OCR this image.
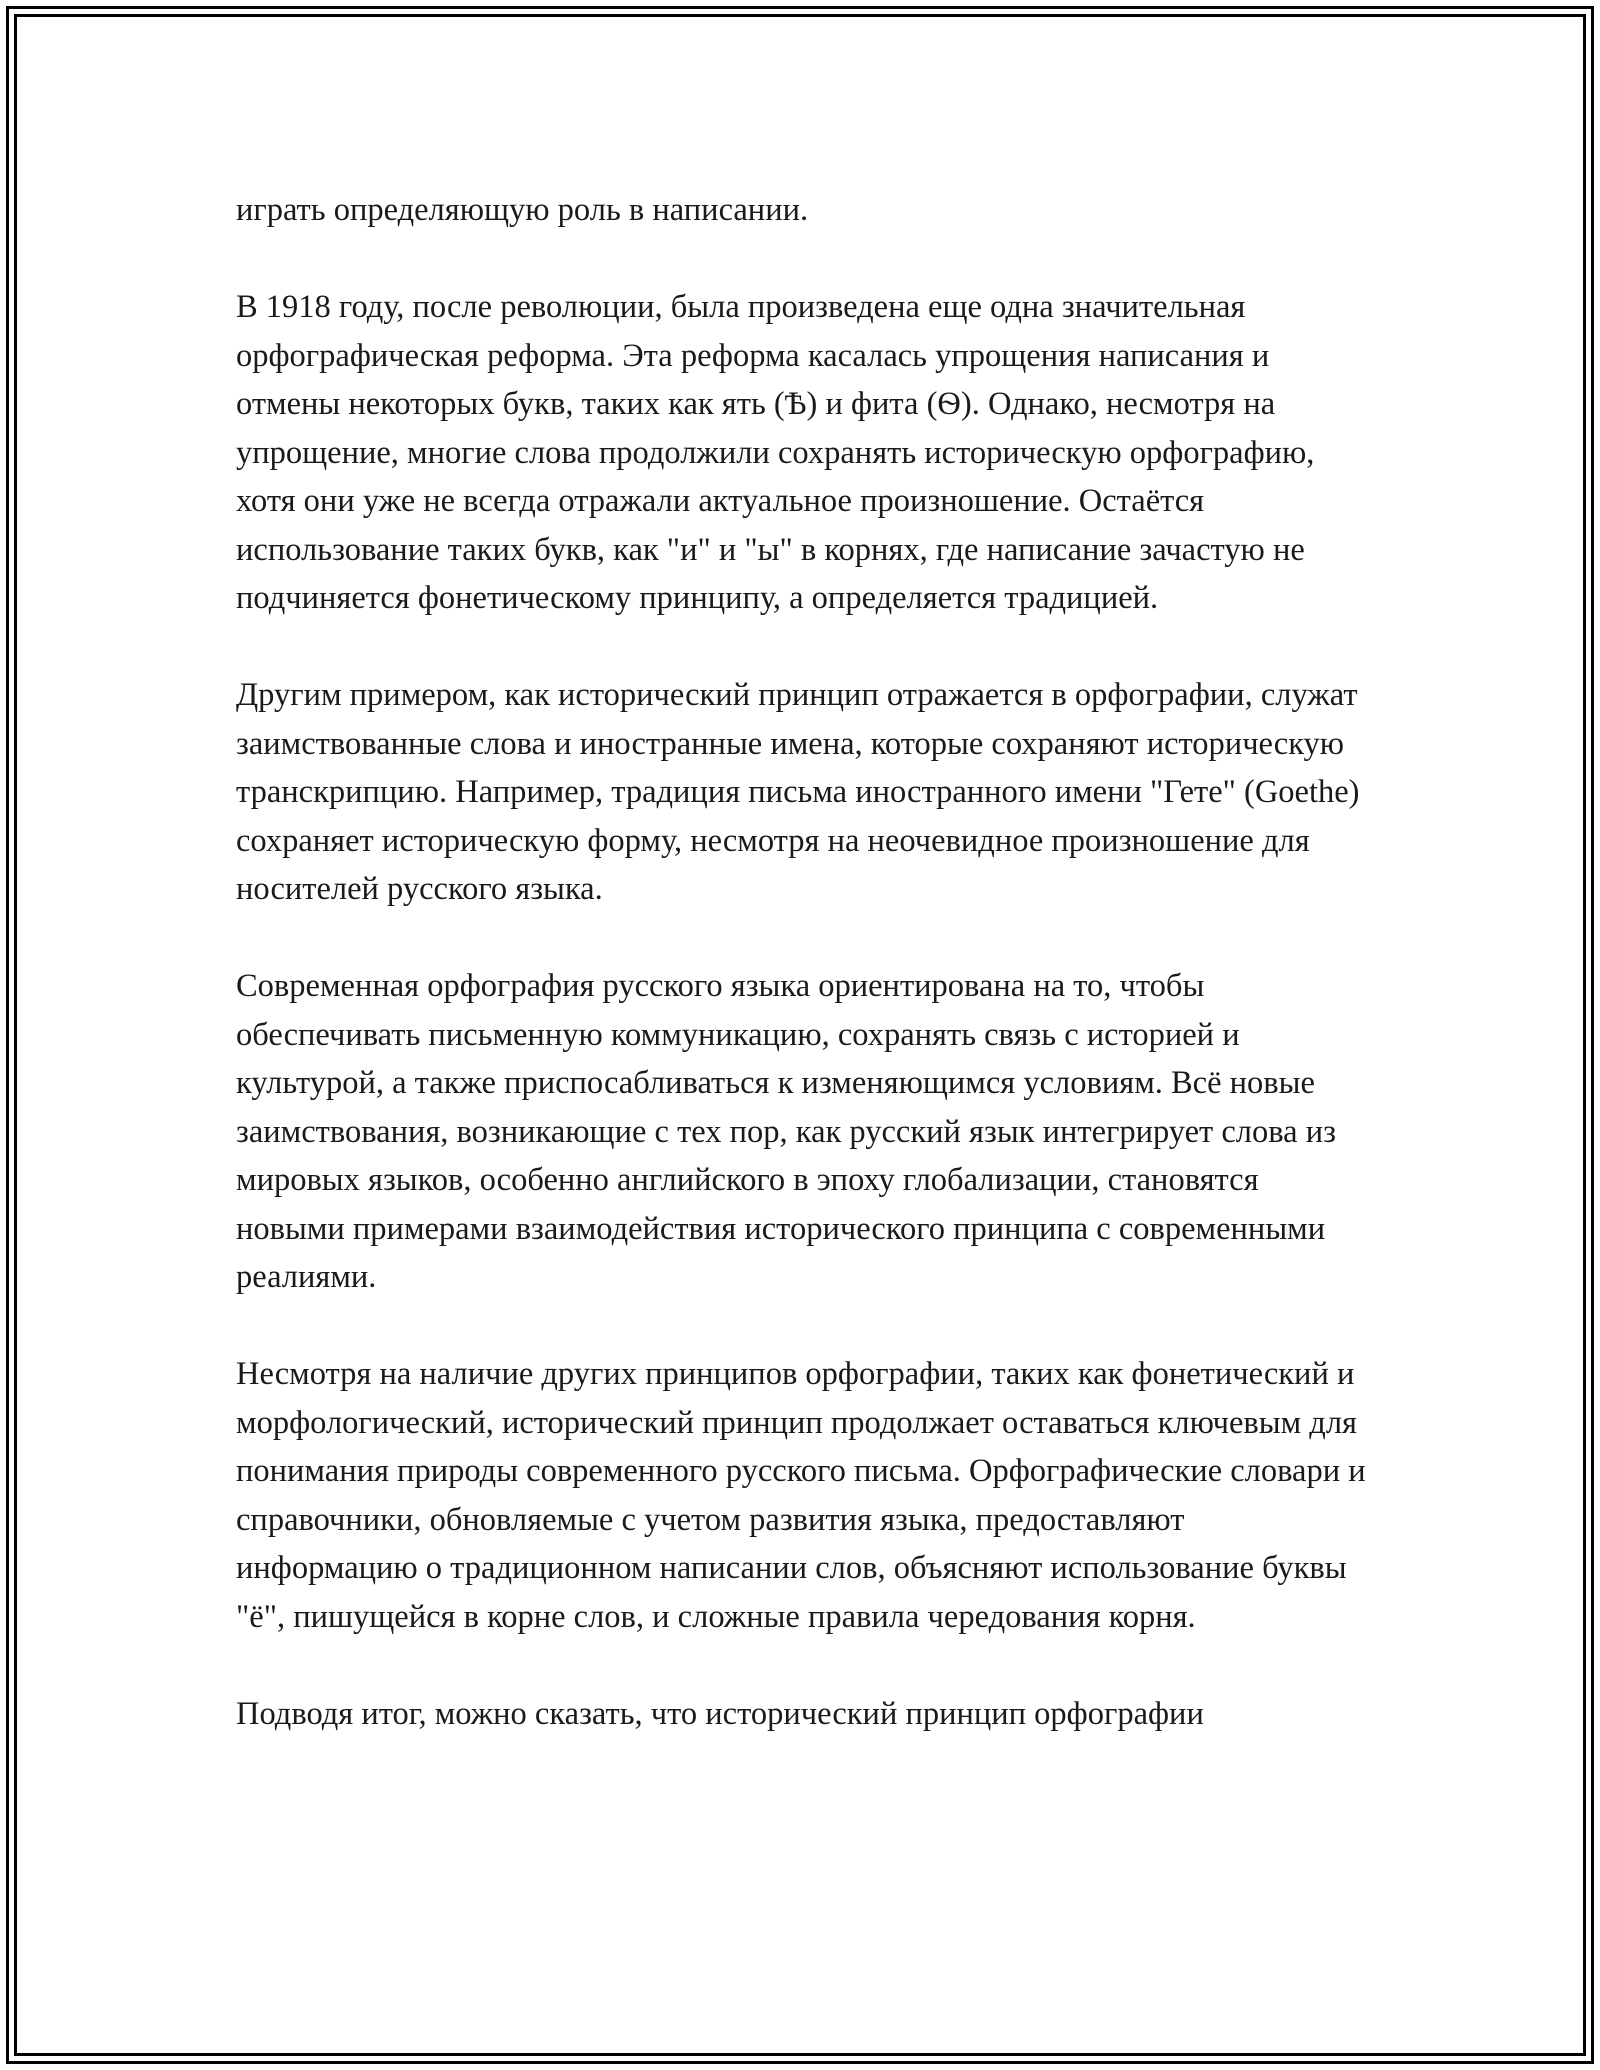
играть определяющую роль в написании.

В 1918 году, после революции, была произведена еще одна значительная орфографическая реформа. Эта реформа касалась упрощения написания и отмены некоторых букв, таких как ять (Ѣ) и фита (Ѳ). Однако, несмотря на упрощение, многие слова продолжили сохранять историческую орфографию, хотя они уже не всегда отражали актуальное произношение. Остаётся использование таких букв, как "и" и "ы" в корнях, где написание зачастую не подчиняется фонетическому принципу, а определяется традицией.

Другим примером, как исторический принцип отражается в орфографии, служат заимствованные слова и иностранные имена, которые сохраняют историческую транскрипцию. Например, традиция письма иностранного имени "Гете" (Goethe) сохраняет историческую форму, несмотря на неочевидное произношение для носителей русского языка.

Современная орфография русского языка ориентирована на то, чтобы обеспечивать письменную коммуникацию, сохранять связь с историей и культурой, а также приспосабливаться к изменяющимся условиям. Всё новые заимствования, возникающие с тех пор, как русский язык интегрирует слова из мировых языков, особенно английского в эпоху глобализации, становятся новыми примерами взаимодействия исторического принципа с современными реалиями.

Несмотря на наличие других принципов орфографии, таких как фонетический и морфологический, исторический принцип продолжает оставаться ключевым для понимания природы современного русского письма. Орфографические словари и справочники, обновляемые с учетом развития языка, предоставляют информацию о традиционном написании слов, объясняют использование буквы "ё", пишущейся в корне слов, и сложные правила чередования корня.

Подводя итог, можно сказать, что исторический принцип орфографии
